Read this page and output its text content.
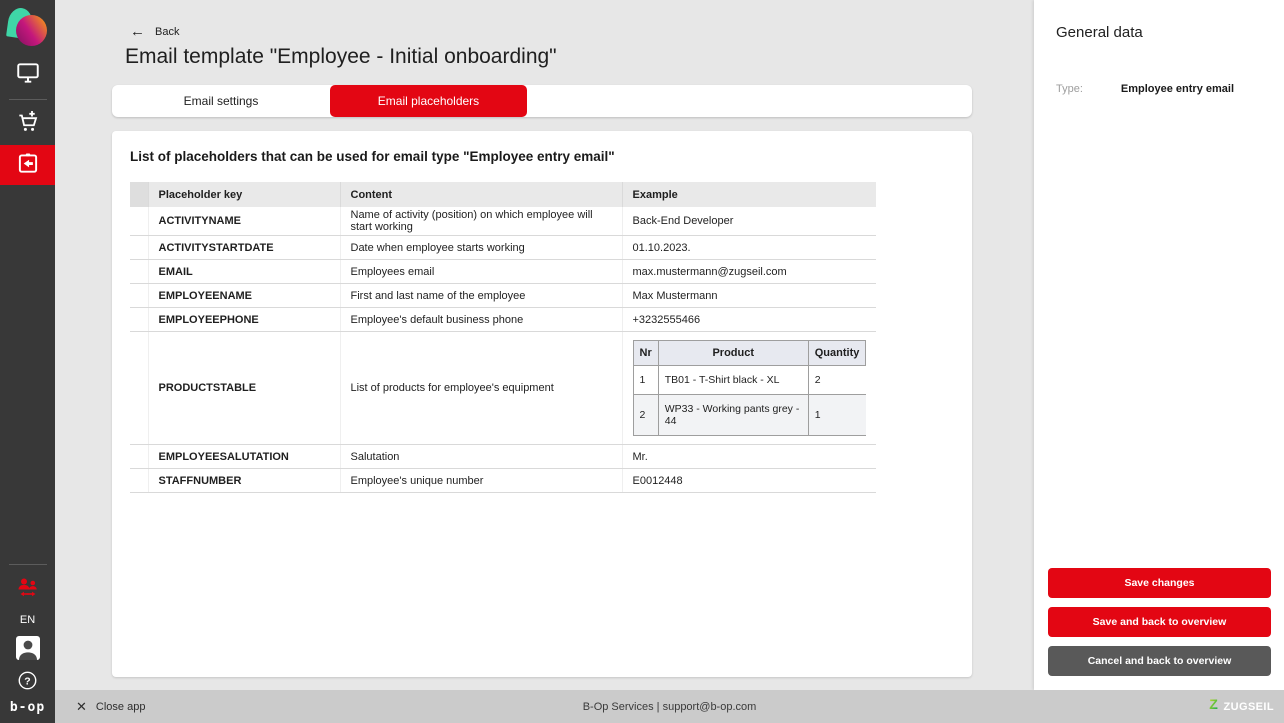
EN
?
b-op
← Back
Email template "Employee - Initial onboarding"
Email settings	Email placeholders
List of placeholders that can be used for email type "Employee entry email"
	Placeholder key	Content	Example
	ACTIVITYNAME	Name of activity (position) on which employee will start working	Back-End Developer
	ACTIVITYSTARTDATE	Date when employee starts working	01.10.2023.
	EMAIL	Employees email	max.mustermann@zugseil.com
	EMPLOYEENAME	First and last name of the employee	Max Mustermann
	EMPLOYEEPHONE	Employee's default business phone	+3232555466
	PRODUCTSTABLE	List of products for employee's equipment	
Nr	Product	Quantity
1	TB01 - T-Shirt black - XL	2
2	WP33 - Working pants grey - 44	1

	EMPLOYEESALUTATION	Salutation	Mr.
	STAFFNUMBER	Employee's unique number	E0012448
General data
Type:	Employee entry email
Save changes
Save and back to overview
Cancel and back to overview
✕ Close app	B-Op Services | support@b-op.com	Z ZUGSEIL
